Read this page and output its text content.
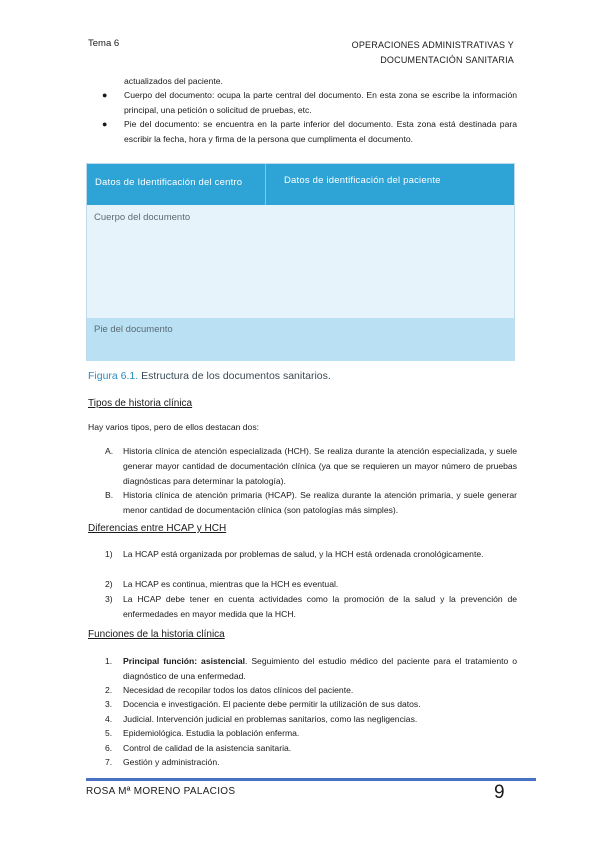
Tema 6	OPERACIONES ADMINISTRATIVAS Y
DOCUMENTACIÓN SANITARIA
actualizados del paciente.
● Cuerpo del documento: ocupa la parte central del documento. En esta zona se escribe la información principal, una petición o solicitud de pruebas, etc.
● Pie del documento: se encuentra en la parte inferior del documento. Esta zona está destinada para escribir la fecha, hora y firma de la persona que cumplimenta el documento.
Datos de Identificación del centro	Datos de identificación del paciente
Cuerpo del documento
Pie del documento
Figura 6.1. Estructura de los documentos sanitarios.
Tipos de historia clínica
Hay varios tipos, pero de ellos destacan dos:
A. Historia clínica de atención especializada (HCH). Se realiza durante la atención especializada, y suele generar mayor cantidad de documentación clínica (ya que se requieren un mayor número de pruebas diagnósticas para determinar la patología).
B. Historia clínica de atención primaria (HCAP). Se realiza durante la atención primaria, y suele generar menor cantidad de documentación clínica (son patologías más simples).
Diferencias entre HCAP y HCH
1) La HCAP está organizada por problemas de salud, y la HCH está ordenada cronológicamente.
2) La HCAP es continua, mientras que la HCH es eventual.
3) La HCAP debe tener en cuenta actividades como la promoción de la salud y la prevención de enfermedades en mayor medida que la HCH.
Funciones de la historia clínica
1. Principal función: asistencial. Seguimiento del estudio médico del paciente para el tratamiento o diagnóstico de una enfermedad.
2. Necesidad de recopilar todos los datos clínicos del paciente.
3. Docencia e investigación. El paciente debe permitir la utilización de sus datos.
4. Judicial. Intervención judicial en problemas sanitarios, como las negligencias.
5. Epidemiológica. Estudia la población enferma.
6. Control de calidad de la asistencia sanitaria.
7. Gestión y administración.
ROSA Mª MORENO PALACIOS	9
